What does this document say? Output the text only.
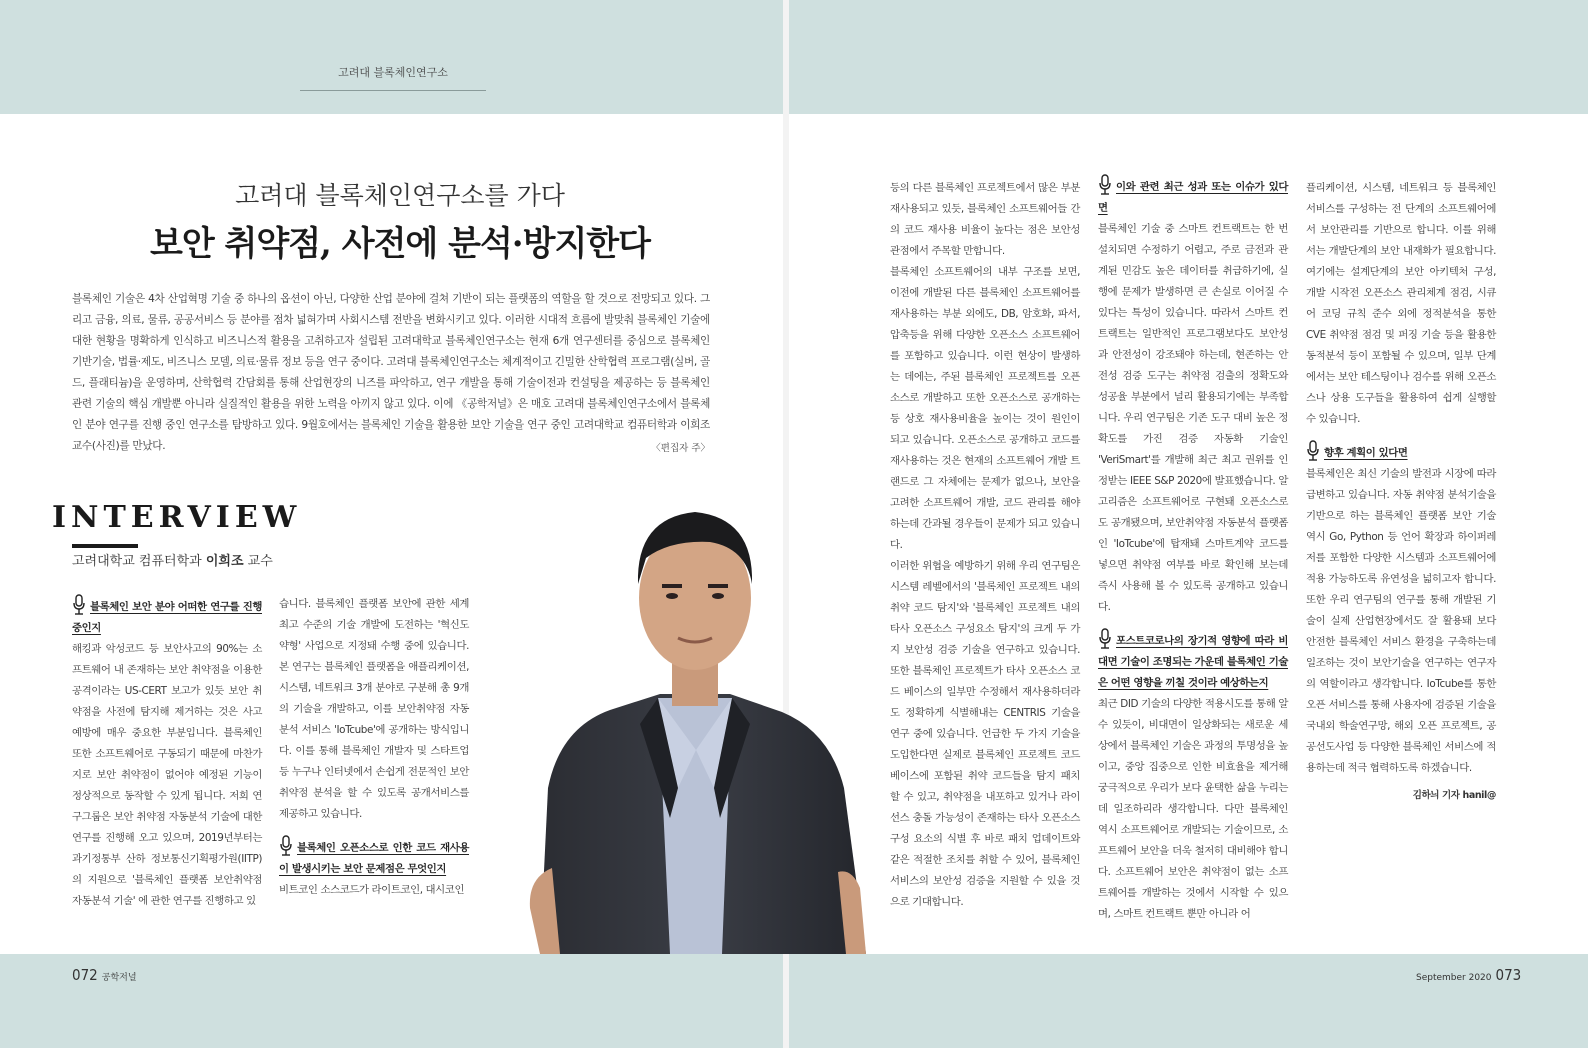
고려대 블록체인연구소
고려대 블록체인연구소를 가다
보안 취약점, 사전에 분석·방지한다
블록체인 기술은 4차 산업혁명 기술 중 하나의 옵션이 아닌, 다양한 산업 분야에 걸쳐 기반이 되는 플랫폼의 역할을 할 것으로 전망되고 있다. 그리고 금융, 의료, 물류, 공공서비스 등 분야를 점차 넓혀가며 사회시스템 전반을 변화시키고 있다. 이러한 시대적 흐름에 발맞춰 블록체인 기술에 대한 현황을 명확하게 인식하고 비즈니스적 활용을 고취하고자 설립된 고려대학교 블록체인연구소는 현재 6개 연구센터를 중심으로 블록체인 기반기술, 법률·제도, 비즈니스 모델, 의료·물류 정보 등을 연구 중이다. 고려대 블록체인연구소는 체계적이고 긴밀한 산학협력 프로그램(실버, 골드, 플래티늄)을 운영하며, 산학협력 간담회를 통해 산업현장의 니즈를 파악하고, 연구 개발을 통해 기술이전과 컨설팅을 제공하는 등 블록체인 관련 기술의 핵심 개발뿐 아니라 실질적인 활용을 위한 노력을 아끼지 않고 있다. 이에 《공학저널》은 매호 고려대 블록체인연구소에서 블록체인 분야 연구를 진행 중인 연구소를 탐방하고 있다. 9월호에서는 블록체인 기술을 활용한 보안 기술을 연구 중인 고려대학교 컴퓨터학과 이희조 교수(사진)를 만났다.	〈편집자 주〉
INTERVIEW
고려대학교 컴퓨터학과 이희조 교수

블록체인 보안 분야 어떠한 연구를 진행 중인지

해킹과 악성코드 등 보안사고의 90%는 소프트웨어 내 존재하는 보안 취약점을 이용한 공격이라는 US-CERT 보고가 있듯 보안 취약점을 사전에 탐지해 제거하는 것은 사고 예방에 매우 중요한 부분입니다. 블록체인 또한 소프트웨어로 구동되기 때문에 마찬가지로 보안 취약점이 없어야 예정된 기능이 정상적으로 동작할 수 있게 됩니다. 저희 연구그룹은 보안 취약점 자동분석 기술에 대한 연구를 진행해 오고 있으며, 2019년부터는 과기정통부 산하 정보통신기획평가원(IITP)의 지원으로 '블록체인 플랫폼 보안취약점 자동분석 기술' 에 관한 연구를 진행하고 있

습니다. 블록체인 플랫폼 보안에 관한 세계 최고 수준의 기술 개발에 도전하는 '혁신도약형' 사업으로 지정돼 수행 중에 있습니다. 본 연구는 블록체인 플랫폼을 애플리케이션, 시스템, 네트워크 3개 분야로 구분해 총 9개의 기술을 개발하고, 이를 보안취약점 자동 분석 서비스 'IoTcube'에 공개하는 방식입니다. 이를 통해 블록체인 개발자 및 스타트업 등 누구나 인터넷에서 손쉽게 전문적인 보안 취약점 분석을 할 수 있도록 공개서비스를 제공하고 있습니다.

블록체인 오픈소스로 인한 코드 재사용이 발생시키는 보안 문제점은 무엇인지

비트코인 소스코드가 라이트코인, 대시코인

등의 다른 블록체인 프로젝트에서 많은 부분 재사용되고 있듯, 블록체인 소프트웨어들 간의 코드 재사용 비율이 높다는 점은 보안성 관점에서 주목할 만합니다.

블록체인 소프트웨어의 내부 구조를 보면, 이전에 개발된 다른 블록체인 소프트웨어를 재사용하는 부분 외에도, DB, 암호화, 파서, 압축등을 위해 다양한 오픈소스 소프트웨어를 포함하고 있습니다. 이런 현상이 발생하는 데에는, 주된 블록체인 프로젝트를 오픈소스로 개발하고 또한 오픈소스로 공개하는 등 상호 재사용비율을 높이는 것이 원인이 되고 있습니다. 오픈소스로 공개하고 코드를 재사용하는 것은 현재의 소프트웨어 개발 트랜드로 그 자체에는 문제가 없으나, 보안을 고려한 소프트웨어 개발, 코드 관리를 해야 하는데 간과될 경우들이 문제가 되고 있습니다.

이러한 위협을 예방하기 위해 우리 연구팀은 시스템 레벨에서의 '블록체인 프로젝트 내의 취약 코드 탐지'와 '블록체인 프로젝트 내의 타사 오픈소스 구성요소 탐지'의 크게 두 가지 보안성 검증 기술을 연구하고 있습니다. 또한 블록체인 프로젝트가 타사 오픈소스 코드 베이스의 일부만 수정해서 재사용하더라도 정확하게 식별해내는 CENTRIS 기술을 연구 중에 있습니다. 언급한 두 가지 기술을 도입한다면 실제로 블록체인 프로젝트 코드 베이스에 포함된 취약 코드들을 탐지 패치 할 수 있고, 취약점을 내포하고 있거나 라이선스 충돌 가능성이 존재하는 타사 오픈소스 구성 요소의 식별 후 바로 패치 업데이트와 같은 적절한 조치를 취할 수 있어, 블록체인 서비스의 보안성 검증을 지원할 수 있을 것으로 기대합니다.

이와 관련 최근 성과 또는 이슈가 있다면

블록체인 기술 중 스마트 컨트랙트는 한 번 설치되면 수정하기 어렵고, 주로 금전과 관계된 민감도 높은 데이터를 취급하기에, 실행에 문제가 발생하면 큰 손실로 이어질 수 있다는 특성이 있습니다. 따라서 스마트 컨트랙트는 일반적인 프로그램보다도 보안성과 안전성이 강조돼야 하는데, 현존하는 안전성 검증 도구는 취약점 검출의 정확도와 성공율 부분에서 널리 활용되기에는 부족합니다. 우리 연구팀은 기존 도구 대비 높은 정확도를 가진 검증 자동화 기술인 'VeriSmart'를 개발해 최근 최고 권위를 인정받는 IEEE S&P 2020에 발표했습니다. 알고리즘은 소프트웨어로 구현돼 오픈소스로도 공개됐으며, 보안취약점 자동분석 플랫폼인 'IoTcube'에 탑재돼 스마트계약 코드를 넣으면 취약점 여부를 바로 확인해 보는데 즉시 사용해 볼 수 있도록 공개하고 있습니다.

포스트코로나의 장기적 영향에 따라 비대면 기술이 조명되는 가운데 블록체인 기술은 어떤 영향을 끼칠 것이라 예상하는지

최근 DID 기술의 다양한 적용시도를 통해 알 수 있듯이, 비대면이 일상화되는 새로운 세상에서 블록체인 기술은 과정의 투명성을 높이고, 중앙 집중으로 인한 비효율을 제거해 궁극적으로 우리가 보다 윤택한 삶을 누리는데 일조하리라 생각합니다. 다만 블록체인 역시 소프트웨어로 개발되는 기술이므로, 소프트웨어 보안을 더욱 철저히 대비해야 합니다. 소프트웨어 보안은 취약점이 없는 소프트웨어를 개발하는 것에서 시작할 수 있으며, 스마트 컨트랙트 뿐만 아니라 어

플리케이션, 시스템, 네트워크 등 블록체인 서비스를 구성하는 전 단계의 소프트웨어에서 보안관리를 기반으로 합니다. 이를 위해서는 개발단계의 보안 내재화가 필요합니다. 여기에는 설계단계의 보안 아키텍처 구성, 개발 시작전 오픈소스 관리체계 점검, 시큐어 코딩 규칙 준수 외에 정적분석을 통한 CVE 취약점 점검 및 퍼징 기술 등을 활용한 동적분석 등이 포함될 수 있으며, 일부 단계에서는 보안 테스팅이나 검수를 위해 오픈소스나 상용 도구들을 활용하여 쉽게 실행할 수 있습니다.

향후 계획이 있다면

블록체인은 최신 기술의 발전과 시장에 따라 급변하고 있습니다. 자동 취약점 분석기술을 기반으로 하는 블록체인 플랫폼 보안 기술 역시 Go, Python 등 언어 확장과 하이퍼레저를 포함한 다양한 시스템과 소프트웨어에 적용 가능하도록 유연성을 넓히고자 합니다. 또한 우리 연구팀의 연구를 통해 개발된 기술이 실제 산업현장에서도 잘 활용돼 보다 안전한 블록체인 서비스 환경을 구축하는데 일조하는 것이 보안기술을 연구하는 연구자의 역할이라고 생각합니다. IoTcube를 통한 오픈 서비스를 통해 사용자에 검증된 기술을 국내외 학술연구망, 해외 오픈 프로젝트, 공공선도사업 등 다양한 블록체인 서비스에 적용하는데 적극 협력하도록 하겠습니다.

김하늬 기자 hanil@
072 공학저널	September 2020 073
